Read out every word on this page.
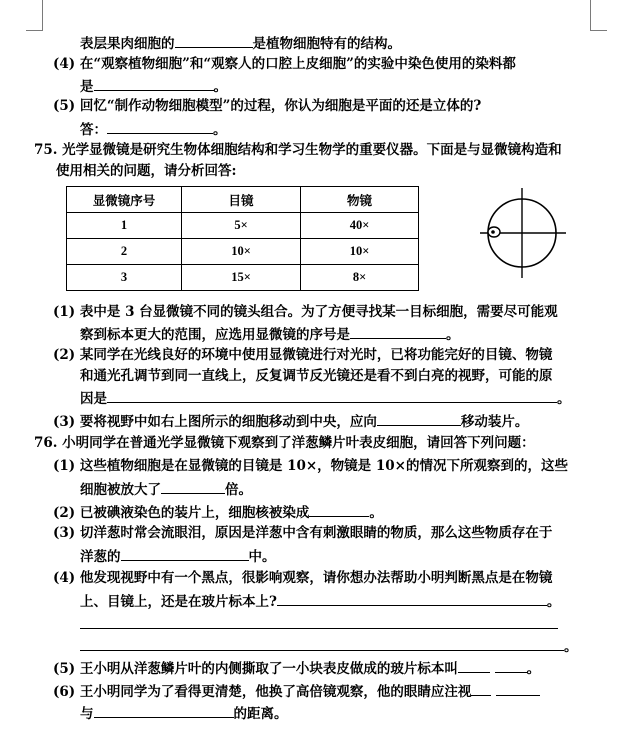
表层果肉细胞的	是植物细胞特有的结构。
(4) 在“观察植物细胞”和“观察人的口腔上皮细胞”的实验中染色使用的染料都
是	。
(5) 回忆“制作动物细胞模型”的过程，你认为细胞是平面的还是立体的?
答：	。
75. 光学显微镜是研究生物体细胞结构和学习生物学的重要仪器。下面是与显微镜构造和
使用相关的问题，请分析回答:
(1) 表中是 3 台显微镜不同的镜头组合。为了方便寻找某一目标细胞，需要尽可能观
察到标本更大的范围，应选用显微镜的序号是	。
(2) 某同学在光线良好的环境中使用显微镜进行对光时，已将功能完好的目镜、物镜
和通光孔调节到同一直线上，反复调节反光镜还是看不到白亮的视野，可能的原
因是	。
(3) 要将视野中如右上图所示的细胞移动到中央，应向	移动装片。
76. 小明同学在普通光学显微镜下观察到了洋葱鳞片叶表皮细胞，请回答下列问题：
(1) 这些植物细胞是在显微镜的目镜是 10×，物镜是 10×的情况下所观察到的，这些
细胞被放大了	倍。
(2) 已被碘液染色的装片上，细胞核被染成	。
(3) 切洋葱时常会流眼泪，原因是洋葱中含有刺激眼睛的物质，那么这些物质存在于
洋葱的	中。
(4) 他发现视野中有一个黑点，很影响观察，请你想办法帮助小明判断黑点是在物镜
上、目镜上，还是在玻片标本上?	。
。
(5) 王小明从洋葱鳞片叶的内侧撕取了一小块表皮做成的玻片标本叫	。
(6) 王小明同学为了看得更清楚，他换了高倍镜观察，他的眼睛应注视
与	的距离。
显微镜序号	目镜	物镜
1	5×	40×
2	10×	10×
3	15×	8×
